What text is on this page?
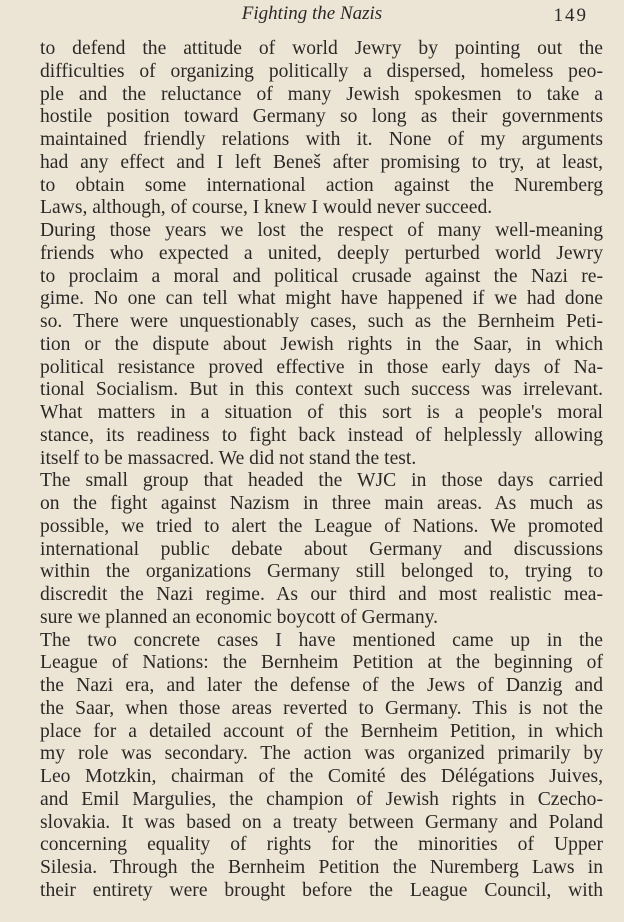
Fighting the Nazis	149
to defend the attitude of world Jewry by pointing out the
difficulties of organizing politically a dispersed, homeless peo-
ple and the reluctance of many Jewish spokesmen to take a
hostile position toward Germany so long as their governments
maintained friendly relations with it. None of my arguments
had any effect and I left Beneš after promising to try, at least,
to obtain some international action against the Nuremberg
Laws, although, of course, I knew I would never succeed.
During those years we lost the respect of many well-meaning
friends who expected a united, deeply perturbed world Jewry
to proclaim a moral and political crusade against the Nazi re-
gime. No one can tell what might have happened if we had done
so. There were unquestionably cases, such as the Bernheim Peti-
tion or the dispute about Jewish rights in the Saar, in which
political resistance proved effective in those early days of Na-
tional Socialism. But in this context such success was irrelevant.
What matters in a situation of this sort is a people's moral
stance, its readiness to fight back instead of helplessly allowing
itself to be massacred. We did not stand the test.
The small group that headed the WJC in those days carried
on the fight against Nazism in three main areas. As much as
possible, we tried to alert the League of Nations. We promoted
international public debate about Germany and discussions
within the organizations Germany still belonged to, trying to
discredit the Nazi regime. As our third and most realistic mea-
sure we planned an economic boycott of Germany.
The two concrete cases I have mentioned came up in the
League of Nations: the Bernheim Petition at the beginning of
the Nazi era, and later the defense of the Jews of Danzig and
the Saar, when those areas reverted to Germany. This is not the
place for a detailed account of the Bernheim Petition, in which
my role was secondary. The action was organized primarily by
Leo Motzkin, chairman of the Comité des Délégations Juives,
and Emil Margulies, the champion of Jewish rights in Czecho-
slovakia. It was based on a treaty between Germany and Poland
concerning equality of rights for the minorities of Upper
Silesia. Through the Bernheim Petition the Nuremberg Laws in
their entirety were brought before the League Council, with
